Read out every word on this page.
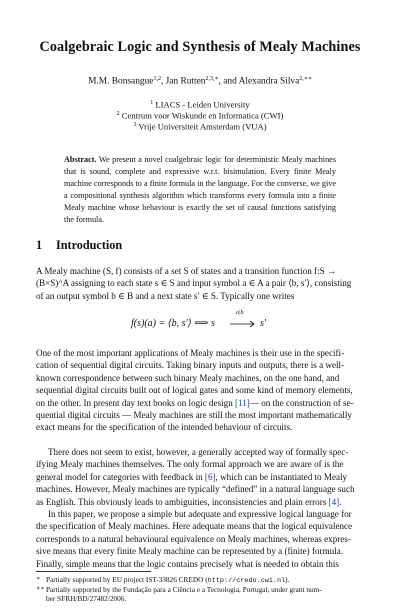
Coalgebraic Logic and Synthesis of Mealy Machines
M.M. Bonsangue$^{1,2}$, Jan Rutten$^{2,3,∗}$, and Alexandra Silva$^{2,∗∗}$
$^1$ LIACS - Leiden University
$^2$ Centrum voor Wiskunde en Informatica (CWI)
$^3$ Vrije Universiteit Amsterdam (VUA)
Abstract. We present a novel coalgebraic logic for deterministic Mealy machines that is sound, complete and expressive w.r.t. bisimulation. Every finite Mealy machine corresponds to a finite formula in the language. For the converse, we give a compositional synthesis algorithm which transforms every formula into a finite Mealy machine whose behaviour is exactly the set of causal functions satisfying the formula.
1 Introduction
A Mealy machine (S, f) consists of a set S of states and a transition function f:S →
(B×S)^A assigning to each state s ∈ S and input symbol a ∈ A a pair ⟨b, s′⟩, consisting
of an output symbol b ∈ B and a next state s′ ∈ S. Typically one writes
f(s)(a) = ⟨b, s′⟩ ⟺ s
a|b
s′
One of the most important applications of Mealy machines is their use in the specifi-
cation of sequential digital circuits. Taking binary inputs and outputs, there is a well-
known correspondence between such binary Mealy machines, on the one hand, and
sequential digital circuits built out of logical gates and some kind of memory elements,
on the other. In present day text books on logic design [11]— on the construction of se-
quential digital circuits — Mealy machines are still the most important mathematically
exact means for the specification of the intended behaviour of circuits.
There does not seem to exist, however, a generally accepted way of formally spec-
ifying Mealy machines themselves. The only formal approach we are aware of is the
general model for categories with feedback in [6], which can be instantiated to Mealy
machines. However, Mealy machines are typically “defined” in a natural language such
as English. This obviously leads to ambiguities, inconsistencies and plain errors [4].
In this paper, we propose a simple but adequate and expressive logical language for
the specification of Mealy machines. Here adequate means that the logical equivalence
corresponds to a natural behavioural equivalence on Mealy machines, whereas expres-
sive means that every finite Mealy machine can be represented by a (finite) formula.
Finally, simple means that the logic contains precisely what is needed to obtain this
∗ Partially supported by EU project IST-33826 CREDO (http://credo.cwi.nl).
∗∗ Partially supported by the Fundação para a Ciência e a Tecnologia, Portugal, under grant num-
ber SFRH/BD/27482/2006.
